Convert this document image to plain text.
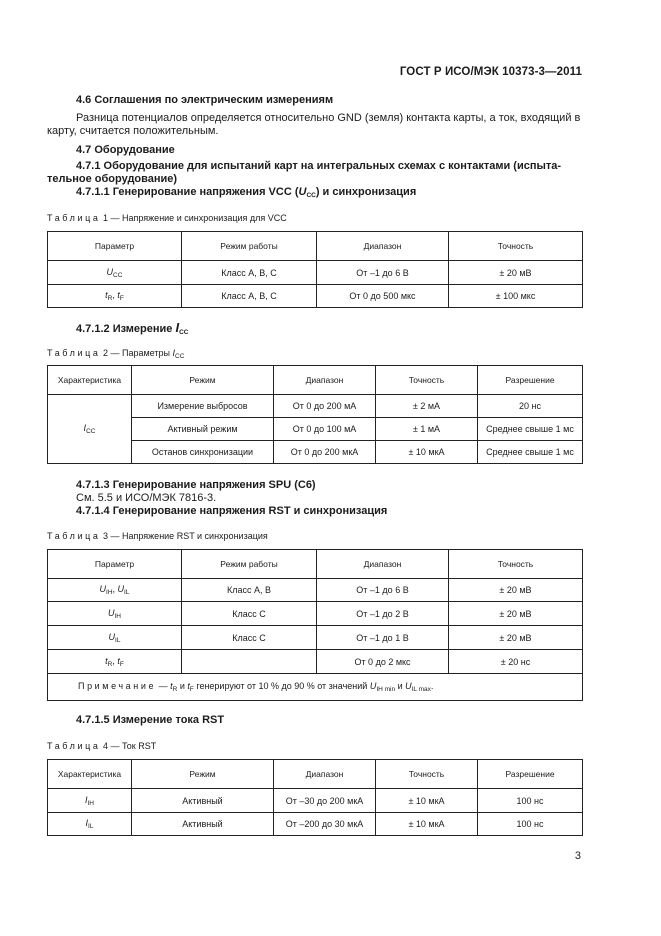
ГОСТ Р ИСО/МЭК 10373-3—2011
4.6 Соглашения по электрическим измерениям
Разница потенциалов определяется относительно GND (земля) контакта карты, а ток, входящий в
карту, считается положительным.
4.7 Оборудование
4.7.1 Оборудование для испытаний карт на интегральных схемах с контактами (испыта-
тельное оборудование)
4.7.1.1 Генерирование напряжения VCC $(U_{CC})$ и синхронизация
Таблица 1 — Напряжение и синхронизация для VCC
Параметр	Режим работы	Диапазон	Точность
$U_{CC}$	Класс А, В, С	От –1 до 6 В	± 20 мВ
$t_R$, $t_F$	Класс А, В, С	От 0 до 500 мкс	± 100 мкс
4.7.1.2 Измерение $I_{CC}$
Таблица 2 — Параметры $I_{CC}$
Характеристика	Режим	Диапазон	Точность	Разрешение
$I_{CC}$	Измерение выбросов	От 0 до 200 мА	± 2 мА	20 нс
	Активный режим	От 0 до 100 мА	± 1 мА	Среднее свыше 1 мс
	Останов синхронизации	От 0 до 200 мкА	± 10 мкА	Среднее свыше 1 мс
4.7.1.3 Генерирование напряжения SPU (C6)
См. 5.5 и ИСО/МЭК 7816-3.
4.7.1.4 Генерирование напряжения RST и синхронизация
Таблица 3 — Напряжение RST и синхронизация
Параметр	Режим работы	Диапазон	Точность
$U_{IH}$, $U_{IL}$	Класс А, В	От –1 до 6 В	± 20 мВ
$U_{IH}$	Класс С	От –1 до 2 В	± 20 мВ
$U_{IL}$	Класс С	От –1 до 1 В	± 20 мВ
$t_R$, $t_F$		От 0 до 2 мкс	± 20 нс
Примечание — $t_R$ и $t_F$ генерируют от 10 % до 90 % от значений $U_{IH min}$ и $U_{IL max}$.			
4.7.1.5 Измерение тока RST
Таблица 4 — Ток RST
Характеристика	Режим	Диапазон	Точность	Разрешение
$I_{IH}$	Активный	От –30 до 200 мкА	± 10 мкА	100 нс
$I_{IL}$	Активный	От –200 до 30 мкА	± 10 мкА	100 нс
3
